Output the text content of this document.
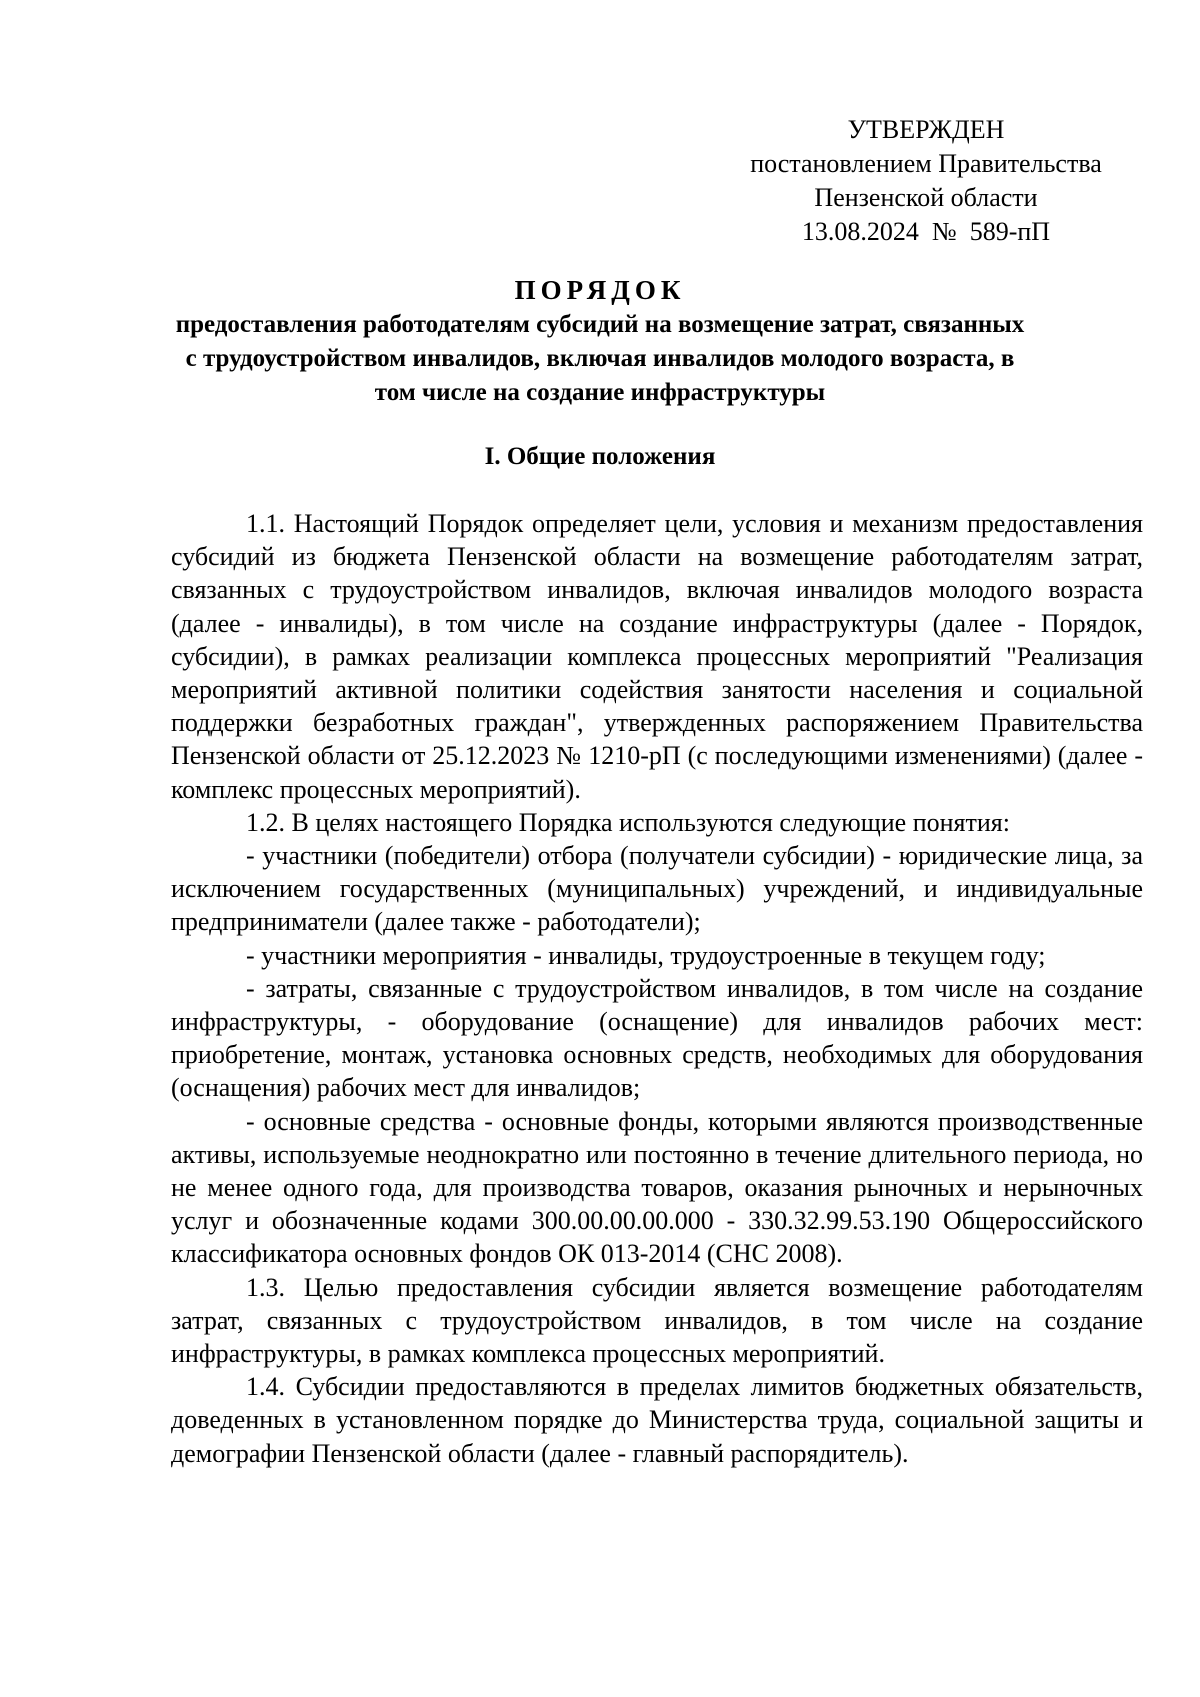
УТВЕРЖДЕН
постановлением Правительства
Пензенской области
13.08.2024  №  589-пП
ПОРЯДОК
предоставления работодателям субсидий на возмещение затрат, связанных с трудоустройством инвалидов, включая инвалидов молодого возраста, в том числе на создание инфраструктуры
I. Общие положения

1.1. Настоящий Порядок определяет цели, условия и механизм предоставления субсидий из бюджета Пензенской области на возмещение работодателям затрат, связанных с трудоустройством инвалидов, включая инвалидов молодого возраста (далее - инвалиды), в том числе на создание инфраструктуры (далее - Порядок, субсидии), в рамках реализации комплекса процессных мероприятий "Реализация мероприятий активной политики содействия занятости населения и социальной поддержки безработных граждан", утвержденных распоряжением Правительства Пензенской области от 25.12.2023 № 1210-рП (с последующими изменениями) (далее - комплекс процессных мероприятий).

1.2. В целях настоящего Порядка используются следующие понятия:

- участники (победители) отбора (получатели субсидии) - юридические лица, за исключением государственных (муниципальных) учреждений, и индивидуальные предприниматели (далее также - работодатели);

- участники мероприятия - инвалиды, трудоустроенные в текущем году;

- затраты, связанные с трудоустройством инвалидов, в том числе на создание инфраструктуры, - оборудование (оснащение) для инвалидов рабочих мест: приобретение, монтаж, установка основных средств, необходимых для оборудования (оснащения) рабочих мест для инвалидов;

- основные средства - основные фонды, которыми являются производственные активы, используемые неоднократно или постоянно в течение длительного периода, но не менее одного года, для производства товаров, оказания рыночных и нерыночных услуг и обозначенные кодами 300.00.00.00.000 - 330.32.99.53.190 Общероссийского классификатора основных фондов ОК 013-2014 (СНС 2008).

1.3. Целью предоставления субсидии является возмещение работодателям затрат, связанных с трудоустройством инвалидов, в том числе на создание инфраструктуры, в рамках комплекса процессных мероприятий.

1.4. Субсидии предоставляются в пределах лимитов бюджетных обязательств, доведенных в установленном порядке до Министерства труда, социальной защиты и демографии Пензенской области (далее - главный распорядитель).
